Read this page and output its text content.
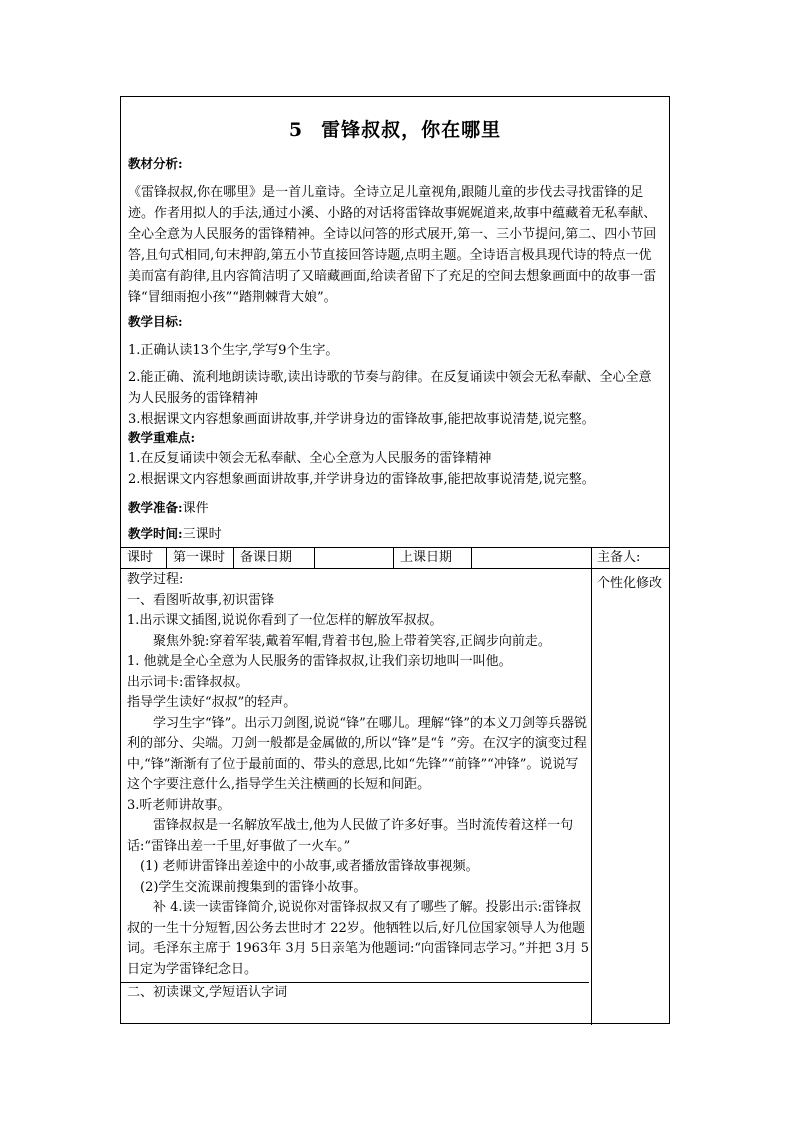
5 雷锋叔叔，你在哪里
教材分析:
《雷锋叔叔,你在哪里》是一首儿童诗。全诗立足儿童视角,跟随儿童的步伐去寻找雷锋的足迹。作者用拟人的手法,通过小溪、小路的对话将雷锋故事娓娓道来,故事中蕴藏着无私奉献、全心全意为人民服务的雷锋精神。全诗以问答的形式展开,第一、三小节提问,第二、四小节回答,且句式相同,句末押韵,第五小节直接回答诗题,点明主题。全诗语言极具现代诗的特点一优美而富有韵律,且内容简洁明了又暗藏画面,给读者留下了充足的空间去想象画面中的故事一雷锋“冒细雨抱小孩”“踏荆棘背大娘”。
教学目标:
1.正确认读13个生字,学写9个生字。
2.能正确、流利地朗读诗歌,读出诗歌的节奏与韵律。在反复诵读中领会无私奉献、全心全意为人民服务的雷锋精神
3.根据课文内容想象画面讲故事,并学讲身边的雷锋故事,能把故事说清楚,说完整。
教学重难点:
1.在反复诵读中领会无私奉献、全心全意为人民服务的雷锋精神
2.根据课文内容想象画面讲故事,并学讲身边的雷锋故事,能把故事说清楚,说完整。
教学准备:课件
教学时间:三课时
课时 第一课时 备课日期	上课日期	主备人:
教学过程:
一、看图听故事,初识雷锋
1.出示课文插图,说说你看到了一位怎样的解放军叔叔。
聚焦外貌:穿着军装,戴着军帽,背着书包,脸上带着笑容,正阔步向前走。
1. 他就是全心全意为人民服务的雷锋叔叔,让我们亲切地叫一叫他。
出示词卡:雷锋叔叔。
指导学生读好“叔叔”的轻声。
学习生字“锋”。出示刀剑图,说说“锋”在哪儿。理解“锋”的本义刀剑等兵器锐利的部分、尖端。刀剑一般都是金属做的,所以“锋”是“钅”旁。在汉字的演变过程中,“锋”渐渐有了位于最前面的、带头的意思,比如“先锋”“前锋”“冲锋”。说说写这个字要注意什么,指导学生关注横画的长短和间距。
3.听老师讲故事。
雷锋叔叔是一名解放军战士,他为人民做了许多好事。当时流传着这样一句话:“雷锋出差一千里,好事做了一火车。”
(1) 老师讲雷锋出差途中的小故事,或者播放雷锋故事视频。
(2)学生交流课前搜集到的雷锋小故事。
补 4.读一读雷锋简介,说说你对雷锋叔叔又有了哪些了解。投影出示:雷锋叔叔的一生十分短暂,因公务去世时才 22岁。他牺牲以后,好几位国家领导人为他题词。毛泽东主席于 1963年 3月 5日亲笔为他题词:“向雷锋同志学习。”并把 3月 5日定为学雷锋纪念日。
二、初读课文,学短语认字词
个性化修改
